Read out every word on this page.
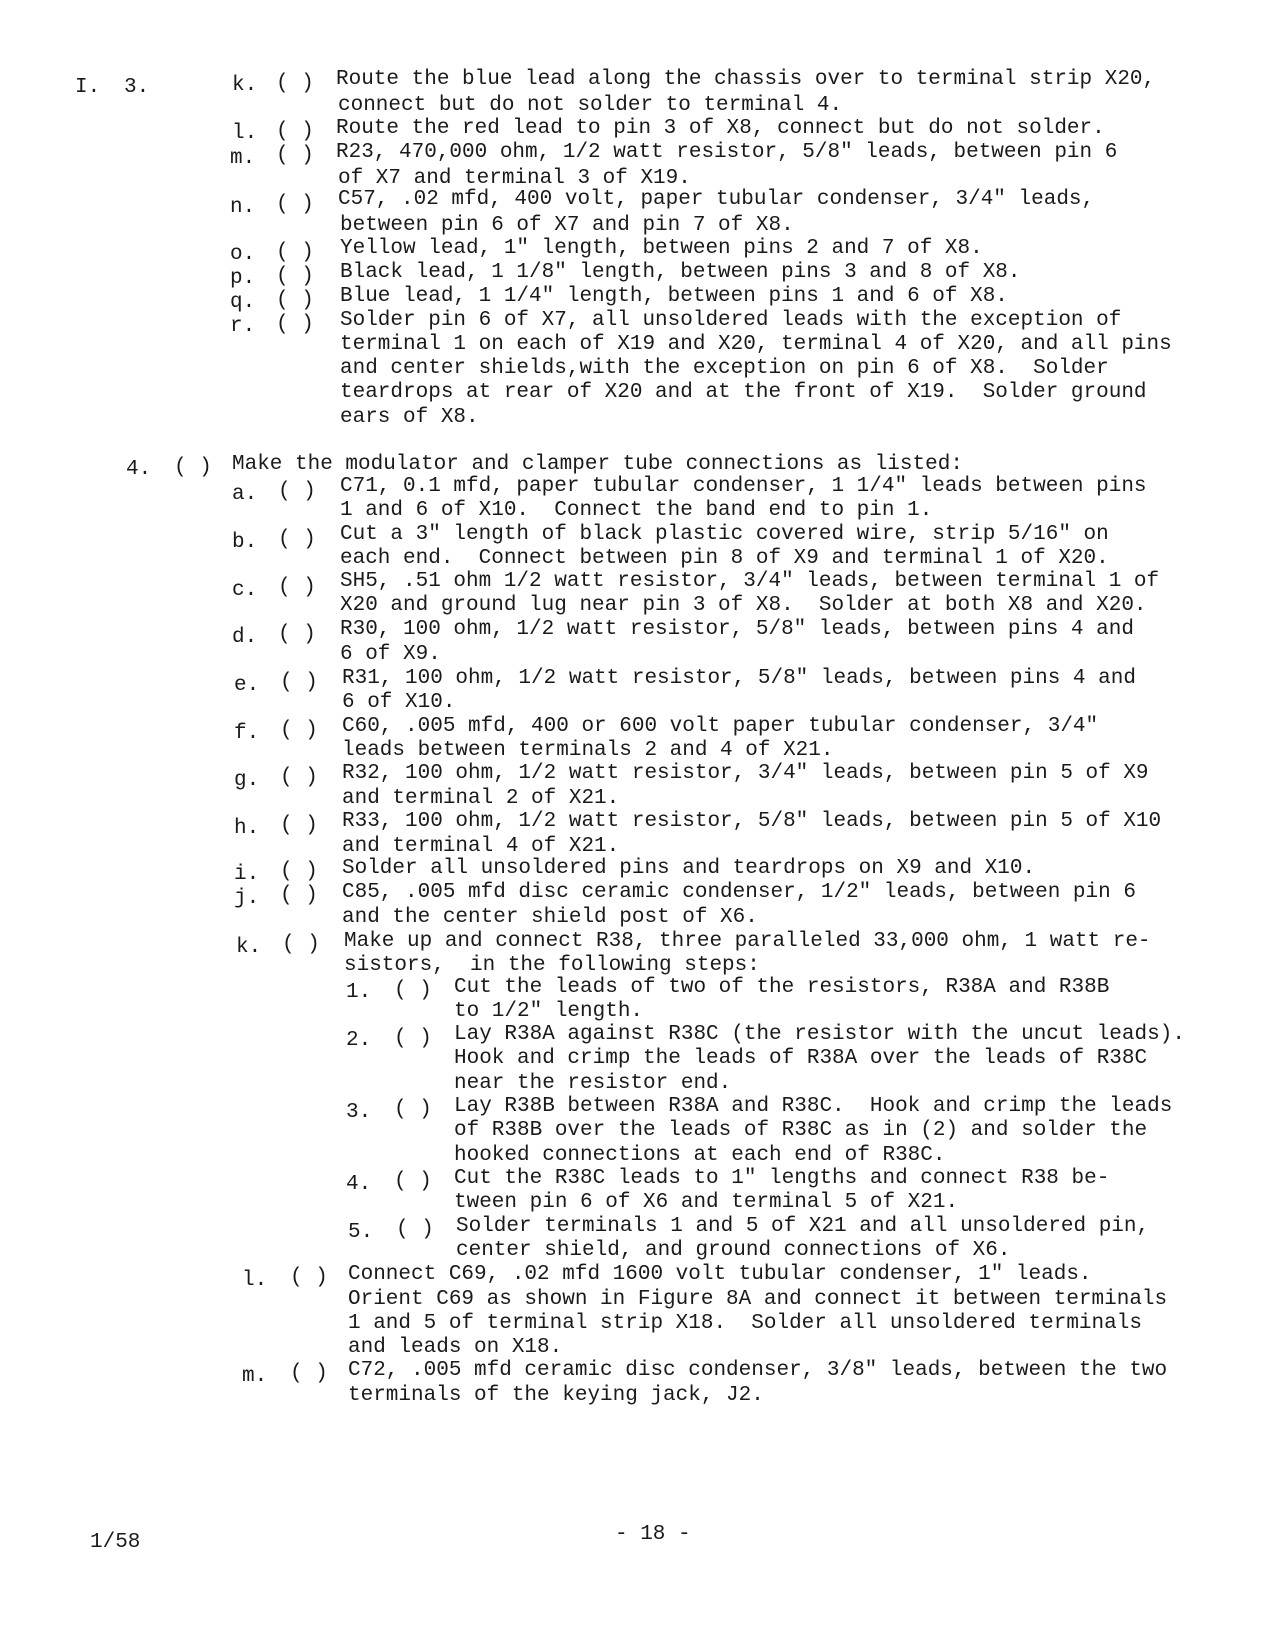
I. 3.	k. ( ) Route the blue lead along the chassis over to terminal strip X20,
connect but do not solder to terminal 4.
l. ( ) Route the red lead to pin 3 of X8, connect but do not solder.
m. ( ) R23, 470,000 ohm, 1/2 watt resistor, 5/8" leads, between pin 6
of X7 and terminal 3 of X19.
n. ( ) C57, .02 mfd, 400 volt, paper tubular condenser, 3/4" leads,
between pin 6 of X7 and pin 7 of X8.
o. ( ) Yellow lead, 1" length, between pins 2 and 7 of X8.
p. ( ) Black lead, 1 1/8" length, between pins 3 and 8 of X8.
q. ( ) Blue lead, 1 1/4" length, between pins 1 and 6 of X8.
r. ( ) Solder pin 6 of X7, all unsoldered leads with the exception of
terminal 1 on each of X19 and X20, terminal 4 of X20, and all pins
and center shields,with the exception on pin 6 of X8.  Solder
teardrops at rear of X20 and at the front of X19.  Solder ground
ears of X8.
4. ( ) Make the modulator and clamper tube connections as listed:
a. ( ) C71, 0.1 mfd, paper tubular condenser, 1 1/4" leads between pins
1 and 6 of X10.  Connect the band end to pin 1.
b. ( ) Cut a 3" length of black plastic covered wire, strip 5/16" on
each end.  Connect between pin 8 of X9 and terminal 1 of X20.
c. ( ) SH5, .51 ohm 1/2 watt resistor, 3/4" leads, between terminal 1 of
X20 and ground lug near pin 3 of X8.  Solder at both X8 and X20.
d. ( ) R30, 100 ohm, 1/2 watt resistor, 5/8" leads, between pins 4 and
6 of X9.
e. ( ) R31, 100 ohm, 1/2 watt resistor, 5/8" leads, between pins 4 and
6 of X10.
f. ( ) C60, .005 mfd, 400 or 600 volt paper tubular condenser, 3/4"
leads between terminals 2 and 4 of X21.
g. ( ) R32, 100 ohm, 1/2 watt resistor, 3/4" leads, between pin 5 of X9
and terminal 2 of X21.
h. ( ) R33, 100 ohm, 1/2 watt resistor, 5/8" leads, between pin 5 of X10
and terminal 4 of X21.
i. ( ) Solder all unsoldered pins and teardrops on X9 and X10.
j. ( ) C85, .005 mfd disc ceramic condenser, 1/2" leads, between pin 6
and the center shield post of X6.
k. ( ) Make up and connect R38, three paralleled 33,000 ohm, 1 watt re-
sistors,  in the following steps:
1. ( ) Cut the leads of two of the resistors, R38A and R38B
to 1/2" length.
2. ( ) Lay R38A against R38C (the resistor with the uncut leads).
Hook and crimp the leads of R38A over the leads of R38C
near the resistor end.
3. ( ) Lay R38B between R38A and R38C.  Hook and crimp the leads
of R38B over the leads of R38C as in (2) and solder the
hooked connections at each end of R38C.
4. ( ) Cut the R38C leads to 1" lengths and connect R38 be-
tween pin 6 of X6 and terminal 5 of X21.
5. ( ) Solder terminals 1 and 5 of X21 and all unsoldered pin,
center shield, and ground connections of X6.
l. ( ) Connect C69, .02 mfd 1600 volt tubular condenser, 1" leads.
Orient C69 as shown in Figure 8A and connect it between terminals
1 and 5 of terminal strip X18.  Solder all unsoldered terminals
and leads on X18.
m. ( ) C72, .005 mfd ceramic disc condenser, 3/8" leads, between the two
terminals of the keying jack, J2.
1/58	- 18 -
